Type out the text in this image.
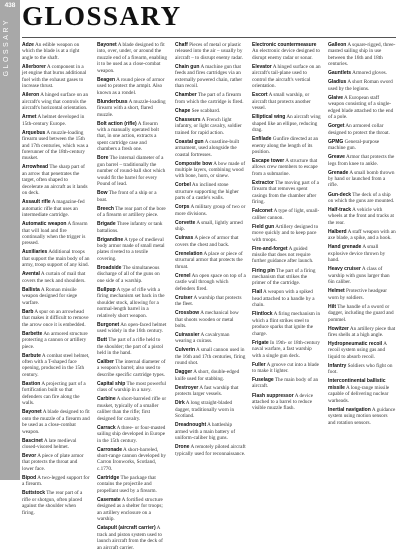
438
GLOSSARY
GLOSSARY

Adze An edible weapon on which the blade is at a right angle to the shaft.

Allerborer A component in a jet engine that burns additional fuel with the exhaust gases to increase thrust.

Aileron A hinged surface on an aircraft's wing that controls the aircraft's horizontal orientation.

Armet A helmet developed in 15th-century Europe.

Arquebus A muzzle-loading firearm used between the 15th and 17th centuries, which was a forerunner of the 18th-century musket.

Arrowhead The sharp part of an arrow that penetrates the target, often shaped to decelerate an aircraft as it lands on deck.

Assault rifle A magazine-fed automatic rifle that uses an intermediate cartridge.

Automatic weapon A firearm that will load and fire continually when the trigger is pressed.

Auxiliaries Additional troops that support the main body of an army, troop support of any kind.

Avental A curtain of mail that covers the neck and shoulders.

Ballista A Roman missile weapon designed for siege warfare.

Barb A spur on an arrowhead that makes it difficult to remove the arrow once it is embedded.

Barbette An armored structure protecting a cannon or artillery piece.

Barbute A combat steel helmet, often with a T-shaped face opening, produced in the 15th century.

Bastion A projecting part of a fortification built so that defenders can fire along the walls.

Bayonet A blade designed to fit onto the muzzle of a firearm and be used as a close-combat weapon.

Bascinet A late medieval closed-visored helmet.

Bevor A piece of plate armor that protects the throat and lower face.

Bipod A two-legged support for a firearm.

Buttstock The rear part of a rifle or shotgun, often placed against the shoulder when firing.

Bayonet A blade designed to fit into, over, under, or around the muzzle end of a firearm, enabling it to be used as a close-combat weapon.

Beagen A round piece of armor used to protect the armpit. Also known as a rondel.

Blunderbuss A muzzle-loading firearm with a short, flared muzzle.

Bolt action (rifle) A firearm with a manually operated bolt that, in one action, extracts a spent cartridge case and chambers a fresh one.

Bore The internal diameter of a gun barrel – traditionally the number of round-ball shot which would fit the barrel for every Pound of lead.

Bow The front of a ship or a boat.

Breech The rear part of the bore of a firearm or artillery piece.

Brigade Three infantry or tank battalions.

Brigandine A type of medieval body armor made of small metal plates riveted to a textile covering.

Broadside The simultaneous discharge of all of the guns on one side of a warship.

Bullpup A type of rifle with a firing mechanism set back in the shoulder stock, allowing for a normal-length barrel in a relatively short weapon.

Burgonet An open-faced helmet used widely in the 16th century.

Butt The part of a rifle held to the shoulder; the part of a pistol held in the hand.

Caliber The internal diameter of a weapon's barrel; also used to describe specific cartridge types.

Capital ship The most powerful class of warship in a navy.

Carbine A short-barreled rifle or musket, typically of a smaller caliber than the rifle; first designed for cavalry.

Carrack A three- or four-masted sailing ship developed in Europe in the 15th century.

Carronade A short-barreled, short-range cannon developed by Carron Ironworks, Scotland, c.1770.

Cartridge The package that contains the projectile and propellant used by a firearm.

Casemate A fortified structure designed as a shelter for troops; an artillery enclosure on a warship.

Catapult (aircraft carrier) A track and piston system used to launch aircraft from the deck of an aircraft carrier.

Chaff Pieces of metal or plastic released into the air – usually by aircraft – to disrupt enemy radar.

Chain gun A machine gun that feeds and fires cartridges via an externally powered chain, rather than recoil.

Chamber The part of a firearm from which the cartridge is fired.

Chape See scabbard.

Chasseurs A French light infantry, or light cavalry, soldier trained for rapid action.

Coastal gun A coastline-built armament, used alongside the coastal fortresses.

Composite bow A bow made of multiple layers, combining wood with bone, horn, or sinew.

Corbel An inclined stone structure supporting the higher parts of a castle's walls.

Corps A military group of two or more divisions.

Corvette A small, lightly armed ship.

Cuirass A piece of armor that covers the chest and back.

Crenelation A place or piece of structural armor that protects the throat.

Crenel An open space on top of a castle wall through which defenders fired.

Cruiser A warship that protects the fleet.

Crossbow A mechanical bow that shoots wooden or metal bolts.

Cuirassier A cavalryman wearing a cuirass.

Culverin A small cannon used in the 16th and 17th centuries, firing round shot.

Dagger A short, double-edged knife used for stabbing.

Destroyer A fast warship that protects larger vessels.

Dirk A long straight-bladed dagger, traditionally worn in Scotland.

Dreadnought A battleship armed with a main battery of uniform-caliber big guns.

Drone A remotely piloted aircraft typically used for reconnaissance.

Electronic countermeasure An electronic device designed to disrupt enemy radar or sonar.

Elevator A hinged surface on an aircraft's tail-plane used to control the aircraft's vertical orientation.

Escort A small warship, or aircraft that protects another vessel.

Elliptical wing An aircraft wing shaped like an ellipse, reducing drag.

Enfilade Gunfire directed at an enemy along the length of its position.

Escape tower A structure that allows crew members to escape from a submarine.

Extractor The moving part of a firearm that removes spent casings from the chamber after firing.

Falconet A type of light, small-caliber cannon.

Field gun Artillery designed to move quickly and to keep pace with troops.

Fire-and-forget A guided missile that does not require further guidance after launch.

Firing pin The part of a firing mechanism that strikes the primer of the cartridge.

Flail A weapon with a spiked head attached to a handle by a chain.

Flintlock A firing mechanism in which a flint strikes steel to produce sparks that ignite the charge.

Frigate In 19th- or 18th-century naval warfare, a fast warship with a single gun deck.

Fuller A groove cut into a blade to make it lighter.

Fuselage The main body of an aircraft.

Flash suppressor A device attached to a barrel to reduce visible muzzle flash.

Galleon A square-rigged, three-masted sailing ship in use between the 16th and 18th centuries.

Gauntlets Armored gloves.

Gladius A short Roman sword used by the legions.

Glaive A European staff weapon consisting of a single-edged blade attached to the end of a pole.

Gorget An armored collar designed to protect the throat.

GPMG General-purpose machine gun.

Greave Armor that protects the legs from knee to ankle.

Grenade A small bomb thrown by hand or launched from a rifle.

Gun-deck The deck of a ship on which the guns are mounted.

Half-track A vehicle with wheels at the front and tracks at the rear.

Halberd A staff weapon with an axe blade, a spike, and a hook.

Hand grenade A small explosive device thrown by hand.

Heavy cruiser A class of warship with guns larger than 6in caliber.

Helmet Protective headgear worn by soldiers.

Hilt The handle of a sword or dagger, including the guard and pommel.

Howitzer An artillery piece that fires shells at a high angle.

Hydropneumatic recoil A recoil system using gas and liquid to absorb recoil.

Infantry Soldiers who fight on foot.

Intercontinental ballistic missile A long-range missile capable of delivering nuclear warheads.

Inertial navigation A guidance system using motion sensors and rotation sensors.
